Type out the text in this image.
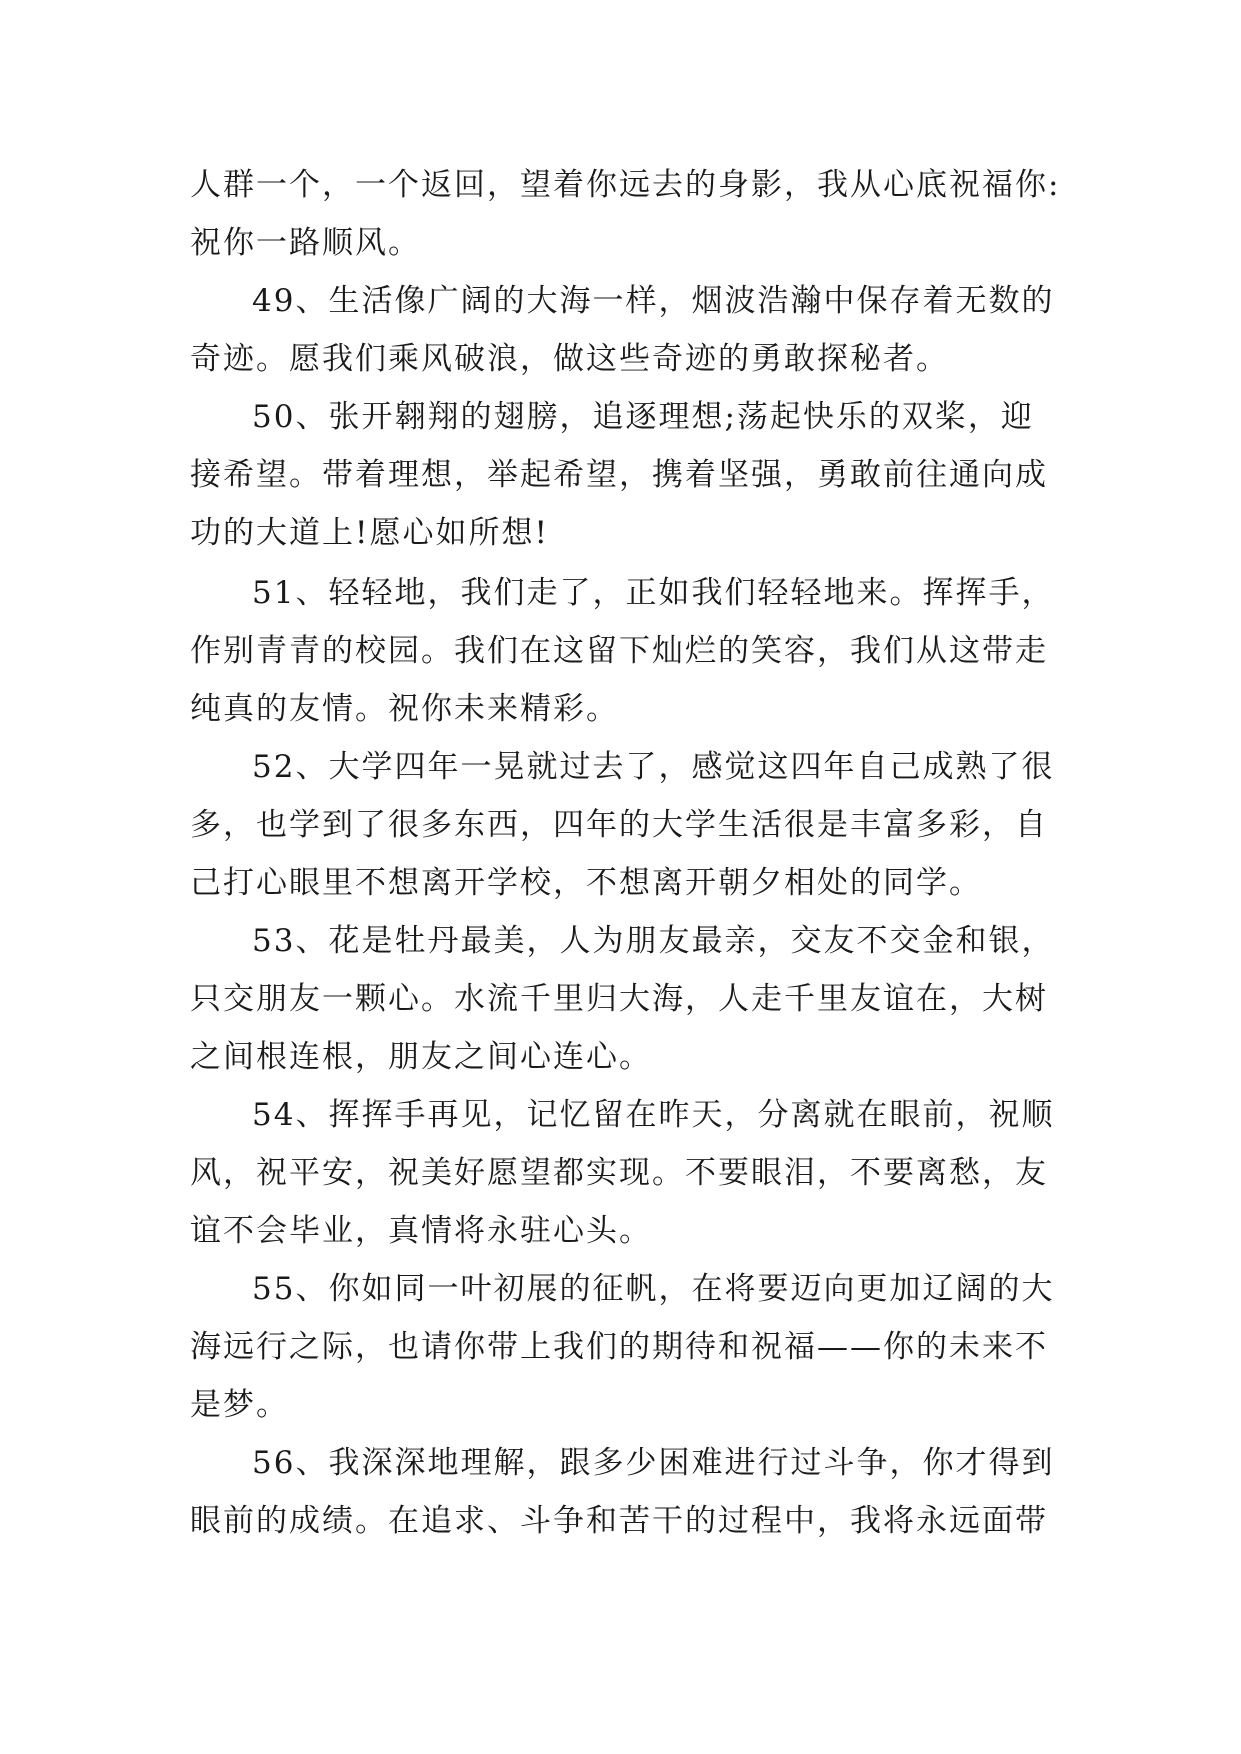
人群一个，一个返回，望着你远去的身影，我从心底祝福你:
祝你一路顺风。
49、生活像广阔的大海一样，烟波浩瀚中保存着无数的
奇迹。愿我们乘风破浪，做这些奇迹的勇敢探秘者。
50、张开翱翔的翅膀，追逐理想;荡起快乐的双桨，迎
接希望。带着理想，举起希望，携着坚强，勇敢前往通向成
功的大道上!愿心如所想!
51、轻轻地，我们走了，正如我们轻轻地来。挥挥手，
作别青青的校园。我们在这留下灿烂的笑容，我们从这带走
纯真的友情。祝你未来精彩。
52、大学四年一晃就过去了，感觉这四年自己成熟了很
多，也学到了很多东西，四年的大学生活很是丰富多彩，自
己打心眼里不想离开学校，不想离开朝夕相处的同学。
53、花是牡丹最美，人为朋友最亲，交友不交金和银，
只交朋友一颗心。水流千里归大海，人走千里友谊在，大树
之间根连根，朋友之间心连心。
54、挥挥手再见，记忆留在昨天，分离就在眼前，祝顺
风，祝平安，祝美好愿望都实现。不要眼泪，不要离愁，友
谊不会毕业，真情将永驻心头。
55、你如同一叶初展的征帆，在将要迈向更加辽阔的大
海远行之际，也请你带上我们的期待和祝福——你的未来不
是梦。
56、我深深地理解，跟多少困难进行过斗争，你才得到
眼前的成绩。在追求、斗争和苦干的过程中，我将永远面带
